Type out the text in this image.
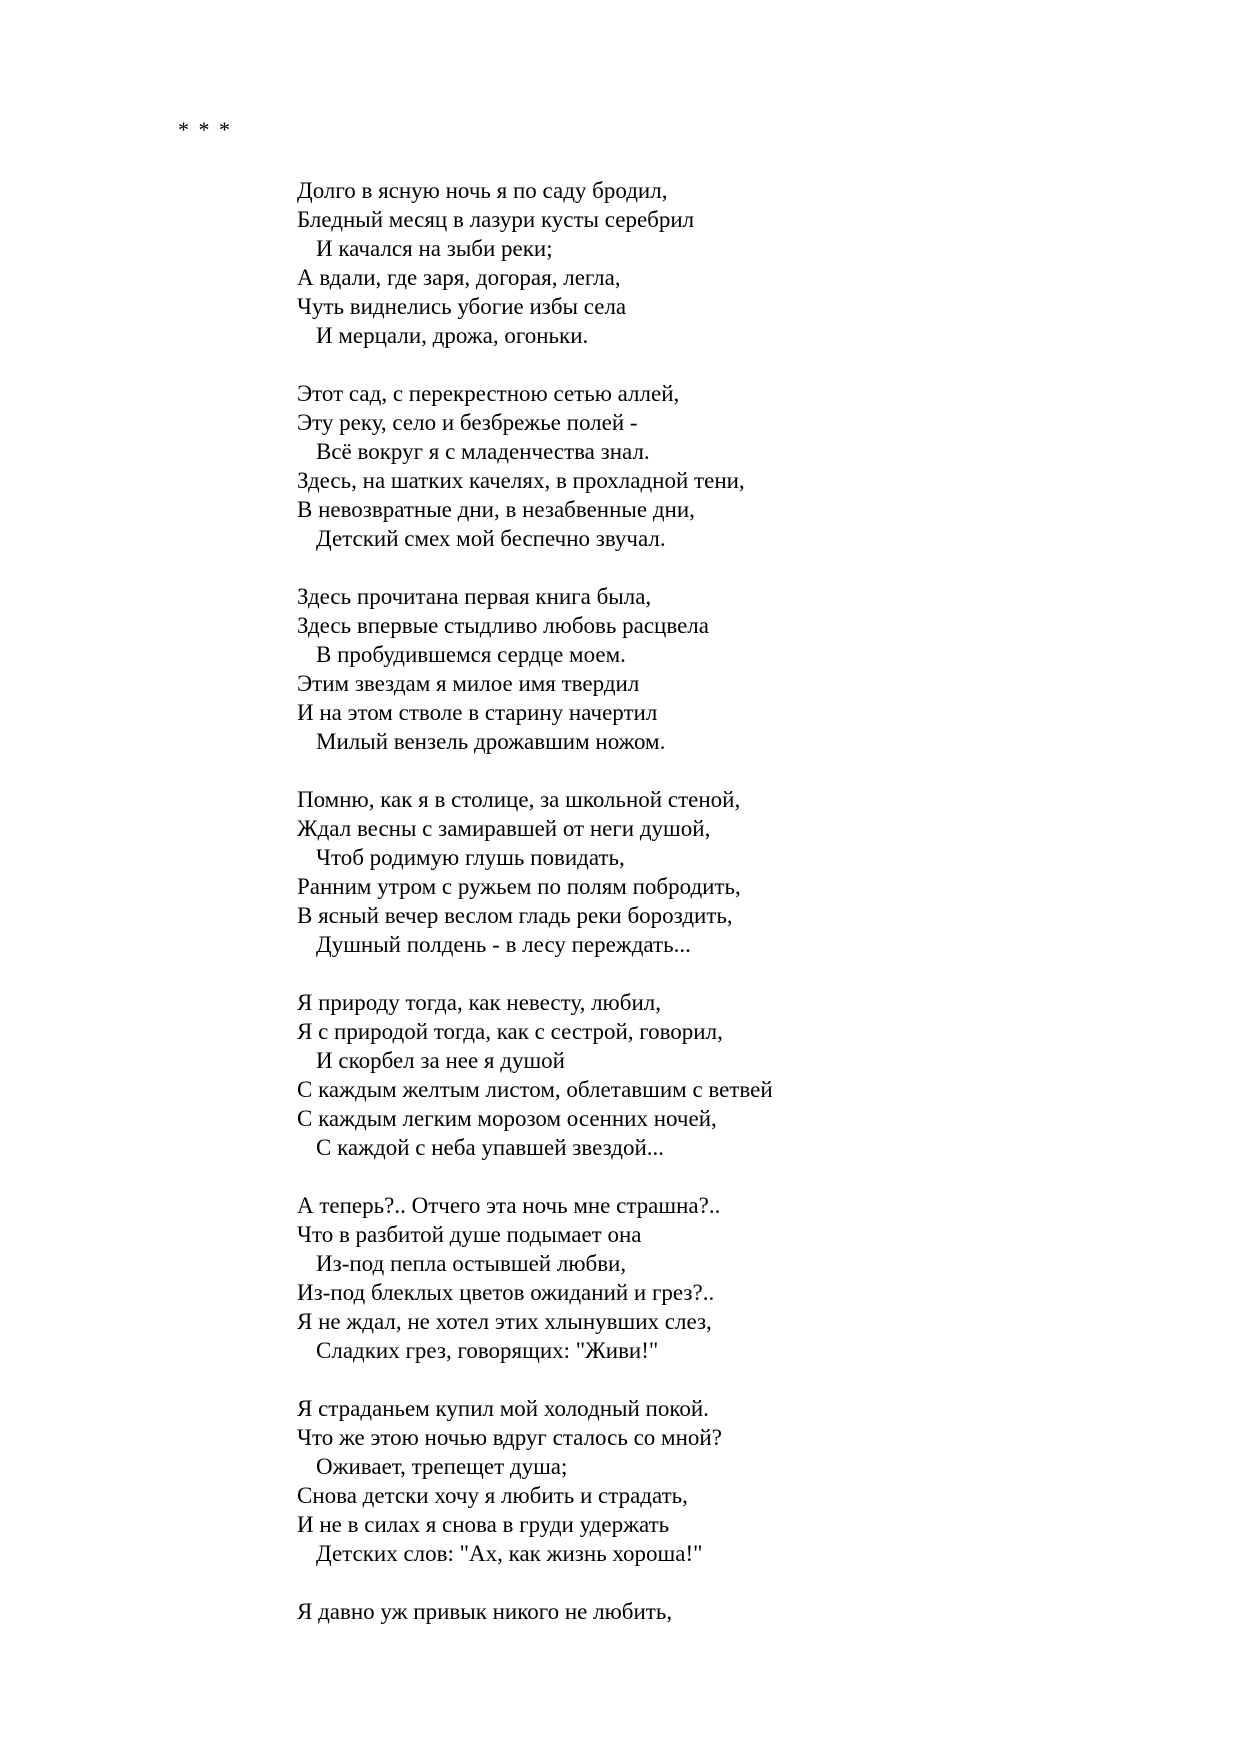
* * *
Долго в ясную ночь я по саду бродил,
Бледный месяц в лазури кусты серебрил
И качался на зыби реки;
А вдали, где заря, догорая, легла,
Чуть виднелись убогие избы села
И мерцали, дрожа, огоньки.
Этот сад, с перекрестною сетью аллей,
Эту реку, село и безбрежье полей -
Всё вокруг я с младенчества знал.
Здесь, на шатких качелях, в прохладной тени,
В невозвратные дни, в незабвенные дни,
Детский смех мой беспечно звучал.
Здесь прочитана первая книга была,
Здесь впервые стыдливо любовь расцвела
В пробудившемся сердце моем.
Этим звездам я милое имя твердил
И на этом стволе в старину начертил
Милый вензель дрожавшим ножом.
Помню, как я в столице, за школьной стеной,
Ждал весны с замиравшей от неги душой,
Чтоб родимую глушь повидать,
Ранним утром с ружьем по полям побродить,
В ясный вечер веслом гладь реки бороздить,
Душный полдень - в лесу переждать...
Я природу тогда, как невесту, любил,
Я с природой тогда, как с сестрой, говорил,
И скорбел за нее я душой
С каждым желтым листом, облетавшим с ветвей
С каждым легким морозом осенних ночей,
С каждой с неба упавшей звездой...
А теперь?.. Отчего эта ночь мне страшна?..
Что в разбитой душе подымает она
Из-под пепла остывшей любви,
Из-под блеклых цветов ожиданий и грез?..
Я не ждал, не хотел этих хлынувших слез,
Сладких грез, говорящих: "Живи!"
Я страданьем купил мой холодный покой.
Что же этою ночью вдруг сталось со мной?
Оживает, трепещет душа;
Снова детски хочу я любить и страдать,
И не в силах я снова в груди удержать
Детских слов: "Ах, как жизнь хороша!"
Я давно уж привык никого не любить,
